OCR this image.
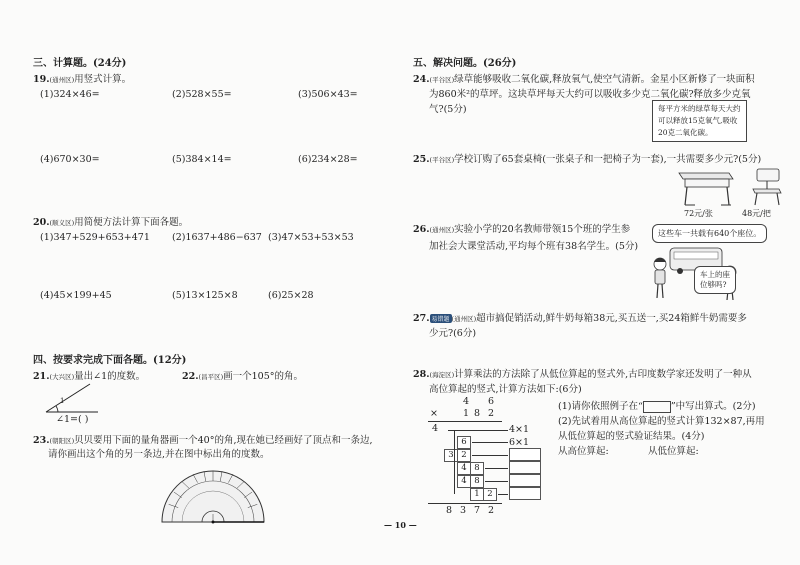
三、计算题。(24分)
19.(通州区)用竖式计算。
(1)324×46=	(2)528×55=	(3)506×43=
(4)670×30=	(5)384×14=	(6)234×28=
20.(顺义区)用简便方法计算下面各题。
(1)347+529+653+471 (2)1637+486−637 (3)47×53+53×53
(4)45×199+45	(5)13×125×8	(6)25×28
四、按要求完成下面各题。(12分)
21.(大兴区)量出∠1的度数。
1
∠1=( )
22.(昌平区)画一个105°的角。
23.(朝阳区)贝贝要用下面的量角器画一个40°的角,现在她已经画好了顶点和一条边,
请你画出这个角的另一条边,并在图中标出角的度数。
五、解决问题。(26分)
24.(平谷区)绿草能够吸收二氧化碳,释放氧气,使空气清新。金星小区新修了一块面积
为860米²的草坪。这块草坪每天大约可以吸收多少克二氧化碳?释放多少克氧
气?(5分)	每平方米的绿草每天大约
可以释放15克氧气,吸收
20克二氧化碳。
25.(平谷区)学校订购了65套桌椅(一张桌子和一把椅子为一套),一共需要多少元?(5分)
72元/张	48元/把
26.(通州区)实验小学的20名教师带领15个班的学生参
加社会大课堂活动,平均每个班有38名学生。(5分)
这些车一共载有640个座位。
车上的座
位够吗?
27. 易错题 (通州区)超市搞促销活动,鲜牛奶每箱38元,买五送一,买24箱鲜牛奶需要多
少元?(6分)
28.(海淀区)计算乘法的方法除了从低位算起的竖式外,古印度数学家还发明了一种从
高位算起的竖式,计算方法如下:(6分)
4 6
×	1 8 2
4	4×1
6	6×1
3 2
4 8
4 8
1 2
8 3 7 2
(1)请你依照例子在“	”中写出算式。(2分)
(2)先试着用从高位算起的竖式计算132×87,再用
从低位算起的竖式验证结果。(4分)
从高位算起:	从低位算起:
— 10 —
